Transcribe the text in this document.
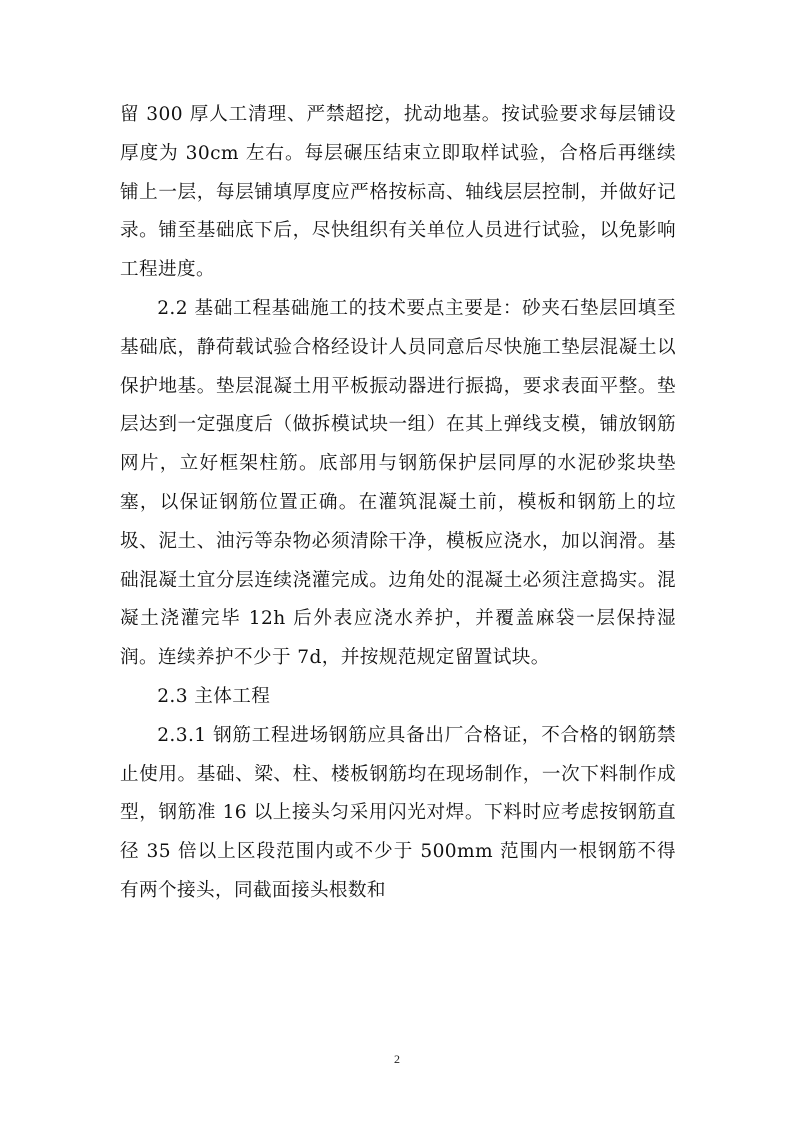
留 300 厚人工清理、严禁超挖，扰动地基。按试验要求每层铺设厚度为 30cm 左右。每层碾压结束立即取样试验，合格后再继续铺上一层，每层铺填厚度应严格按标高、轴线层层控制，并做好记录。铺至基础底下后，尽快组织有关单位人员进行试验，以免影响工程进度。

2.2 基础工程基础施工的技术要点主要是：砂夹石垫层回填至基础底，静荷载试验合格经设计人员同意后尽快施工垫层混凝土以保护地基。垫层混凝土用平板振动器进行振捣，要求表面平整。垫层达到一定强度后（做拆模试块一组）在其上弹线支模，铺放钢筋网片，立好框架柱筋。底部用与钢筋保护层同厚的水泥砂浆块垫塞，以保证钢筋位置正确。在灌筑混凝土前，模板和钢筋上的垃圾、泥土、油污等杂物必须清除干净，模板应浇水，加以润滑。基础混凝土宜分层连续浇灌完成。边角处的混凝土必须注意捣实。混凝土浇灌完毕 12h 后外表应浇水养护，并覆盖麻袋一层保持湿润。连续养护不少于 7d，并按规范规定留置试块。

2.3 主体工程

2.3.1 钢筋工程进场钢筋应具备出厂合格证，不合格的钢筋禁止使用。基础、梁、柱、楼板钢筋均在现场制作，一次下料制作成型，钢筋准 16 以上接头匀采用闪光对焊。下料时应考虑按钢筋直径 35 倍以上区段范围内或不少于 500mm 范围内一根钢筋不得有两个接头，同截面接头根数和

2
